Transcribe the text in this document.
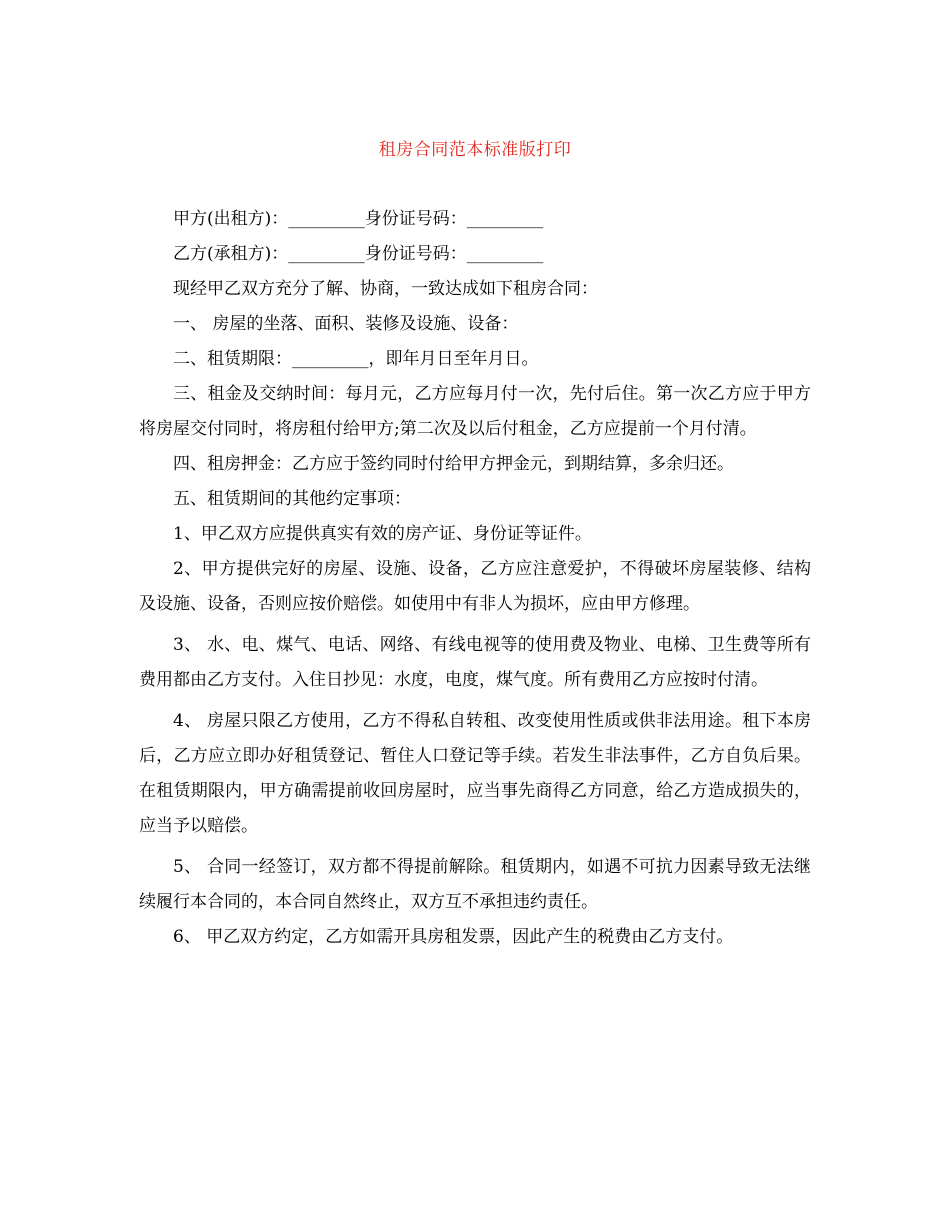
租房合同范本标准版打印

甲方(出租方)：_________身份证号码：_________

乙方(承租方)：_________身份证号码：_________

现经甲乙双方充分了解、协商，一致达成如下租房合同：

一、 房屋的坐落、面积、装修及设施、设备：

二、租赁期限：_________，即年月日至年月日。

三、租金及交纳时间：每月元，乙方应每月付一次，先付后住。第一次乙方应于甲方将房屋交付同时，将房租付给甲方;第二次及以后付租金，乙方应提前一个月付清。

四、租房押金：乙方应于签约同时付给甲方押金元，到期结算，多余归还。

五、租赁期间的其他约定事项：

1、甲乙双方应提供真实有效的房产证、身份证等证件。

2、甲方提供完好的房屋、设施、设备，乙方应注意爱护，不得破坏房屋装修、结构及设施、设备，否则应按价赔偿。如使用中有非人为损坏，应由甲方修理。

3、 水、电、煤气、电话、网络、有线电视等的使用费及物业、电梯、卫生费等所有费用都由乙方支付。入住日抄见：水度，电度，煤气度。所有费用乙方应按时付清。

4、 房屋只限乙方使用，乙方不得私自转租、改变使用性质或供非法用途。租下本房后，乙方应立即办好租赁登记、暂住人口登记等手续。若发生非法事件，乙方自负后果。在租赁期限内，甲方确需提前收回房屋时，应当事先商得乙方同意，给乙方造成损失的，应当予以赔偿。

5、 合同一经签订，双方都不得提前解除。租赁期内，如遇不可抗力因素导致无法继续履行本合同的，本合同自然终止，双方互不承担违约责任。

6、 甲乙双方约定，乙方如需开具房租发票，因此产生的税费由乙方支付。
